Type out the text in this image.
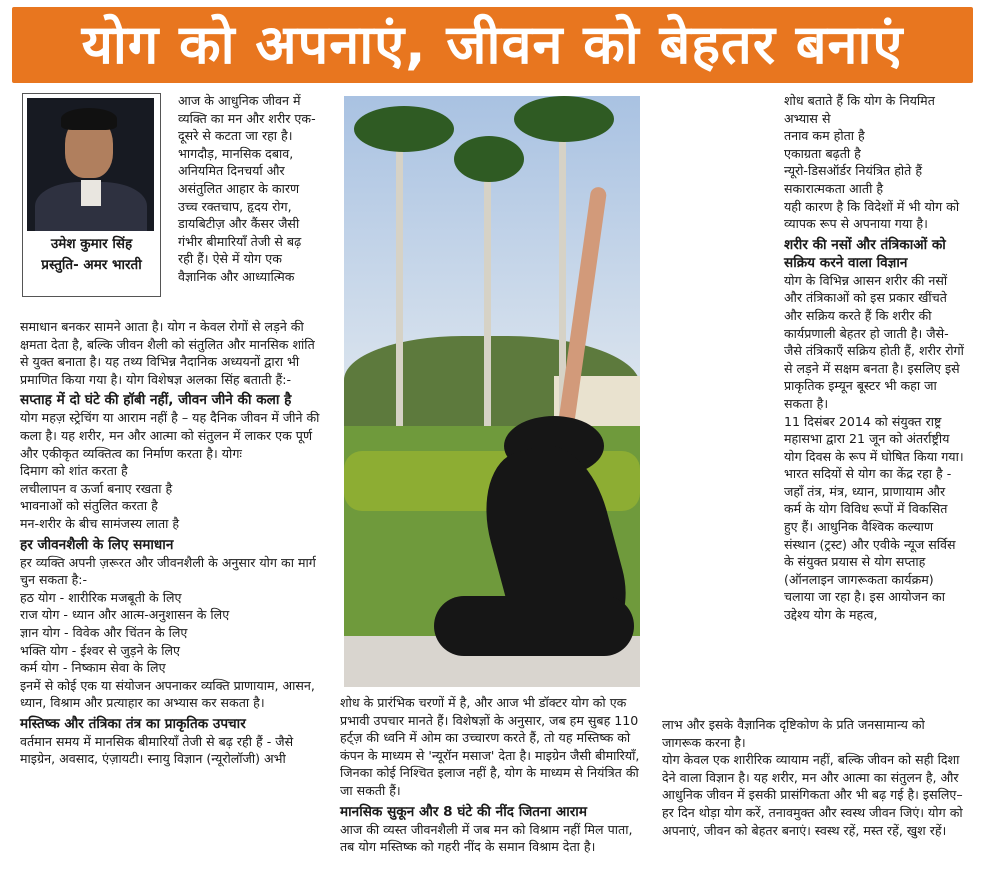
योग को अपनाएं, जीवन को बेहतर बनाएं
उमेश कुमार सिंह
प्रस्तुति- अमर भारती

आज के आधुनिक जीवन में व्यक्ति का मन और शरीर एक-दूसरे से कटता जा रहा है। भागदौड़, मानसिक दबाव, अनियमित दिनचर्या और असंतुलित आहार के कारण उच्च रक्तचाप, हृदय रोग, डायबिटीज़ और कैंसर जैसी गंभीर बीमारियाँ तेजी से बढ़ रही हैं। ऐसे में योग एक वैज्ञानिक और आध्यात्मिक

समाधान बनकर सामने आता है। योग न केवल रोगों से लड़ने की क्षमता देता है, बल्कि जीवन शैली को संतुलित और मानसिक शांति से युक्त बनाता है। यह तथ्य विभिन्न नैदानिक अध्ययनों द्वारा भी प्रमाणित किया गया है। योग विशेषज्ञ अलका सिंह बताती हैं:-

सप्ताह में दो घंटे की हॉबी नहीं, जीवन जीने की कला है

योग महज़ स्ट्रेचिंग या आराम नहीं है – यह दैनिक जीवन में जीने की कला है। यह शरीर, मन और आत्मा को संतुलन में लाकर एक पूर्ण और एकीकृत व्यक्तित्व का निर्माण करता है। योगः

दिमाग को शांत करता है

लचीलापन व ऊर्जा बनाए रखता है

भावनाओं को संतुलित करता है

मन-शरीर के बीच सामंजस्य लाता है

हर जीवनशैली के लिए समाधान

हर व्यक्ति अपनी ज़रूरत और जीवनशैली के अनुसार योग का मार्ग चुन सकता है:-

हठ योग - शारीरिक मजबूती के लिए

राज योग - ध्यान और आत्म-अनुशासन के लिए

ज्ञान योग - विवेक और चिंतन के लिए

भक्ति योग - ईश्वर से जुड़ने के लिए

कर्म योग - निष्काम सेवा के लिए

इनमें से कोई एक या संयोजन अपनाकर व्यक्ति प्राणायाम, आसन, ध्यान, विश्राम और प्रत्याहार का अभ्यास कर सकता है।

मस्तिष्क और तंत्रिका तंत्र का प्राकृतिक उपचार

वर्तमान समय में मानसिक बीमारियाँ तेजी से बढ़ रही हैं - जैसे माइग्रेन, अवसाद, एंज़ायटी। स्नायु विज्ञान (न्यूरोलॉजी) अभी

शोध के प्रारंभिक चरणों में है, और आज भी डॉक्टर योग को एक प्रभावी उपचार मानते हैं। विशेषज्ञों के अनुसार, जब हम सुबह 110 हर्ट्ज़ की ध्वनि में ओम का उच्चारण करते हैं, तो यह मस्तिष्क को कंपन के माध्यम से 'न्यूरॉन मसाज' देता है। माइग्रेन जैसी बीमारियाँ, जिनका कोई निश्चित इलाज नहीं है, योग के माध्यम से नियंत्रित की जा सकती हैं।

मानसिक सुकून और 8 घंटे की नींद जितना आराम

आज की व्यस्त जीवनशैली में जब मन को विश्राम नहीं मिल पाता, तब योग मस्तिष्क को गहरी नींद के समान विश्राम देता है।

शोध बताते हैं कि योग के नियमित अभ्यास से

तनाव कम होता है

एकाग्रता बढ़ती है

न्यूरो-डिसऑर्डर नियंत्रित होते हैं

सकारात्मकता आती है

यही कारण है कि विदेशों में भी योग को व्यापक रूप से अपनाया गया है।

शरीर की नसों और तंत्रिकाओं को सक्रिय करने वाला विज्ञान

योग के विभिन्न आसन शरीर की नसों और तंत्रिकाओं को इस प्रकार खींचते और सक्रिय करते हैं कि शरीर की कार्यप्रणाली बेहतर हो जाती है। जैसे-जैसे तंत्रिकाएँ सक्रिय होती हैं, शरीर रोगों से लड़ने में सक्षम बनता है। इसलिए इसे प्राकृतिक इम्यून बूस्टर भी कहा जा सकता है।

11 दिसंबर 2014 को संयुक्त राष्ट्र महासभा द्वारा 21 जून को अंतर्राष्ट्रीय योग दिवस के रूप में घोषित किया गया। भारत सदियों से योग का केंद्र रहा है - जहाँ तंत्र, मंत्र, ध्यान, प्राणायाम और कर्म के योग विविध रूपों में विकसित हुए हैं। आधुनिक वैश्विक कल्याण संस्थान (ट्रस्ट) और एवीके न्यूज सर्विस के संयुक्त प्रयास से योग सप्ताह (ऑनलाइन जागरूकता कार्यक्रम) चलाया जा रहा है। इस आयोजन का उद्देश्य योग के महत्व,

लाभ और इसके वैज्ञानिक दृष्टिकोण के प्रति जनसामान्य को जागरूक करना है।

योग केवल एक शारीरिक व्यायाम नहीं, बल्कि जीवन को सही दिशा देने वाला विज्ञान है। यह शरीर, मन और आत्मा का संतुलन है, और आधुनिक जीवन में इसकी प्रासंगिकता और भी बढ़ गई है। इसलिए–हर दिन थोड़ा योग करें, तनावमुक्त और स्वस्थ जीवन जिएं। योग को अपनाएं, जीवन को बेहतर बनाएं। स्वस्थ रहें, मस्त रहें, खुश रहें।
